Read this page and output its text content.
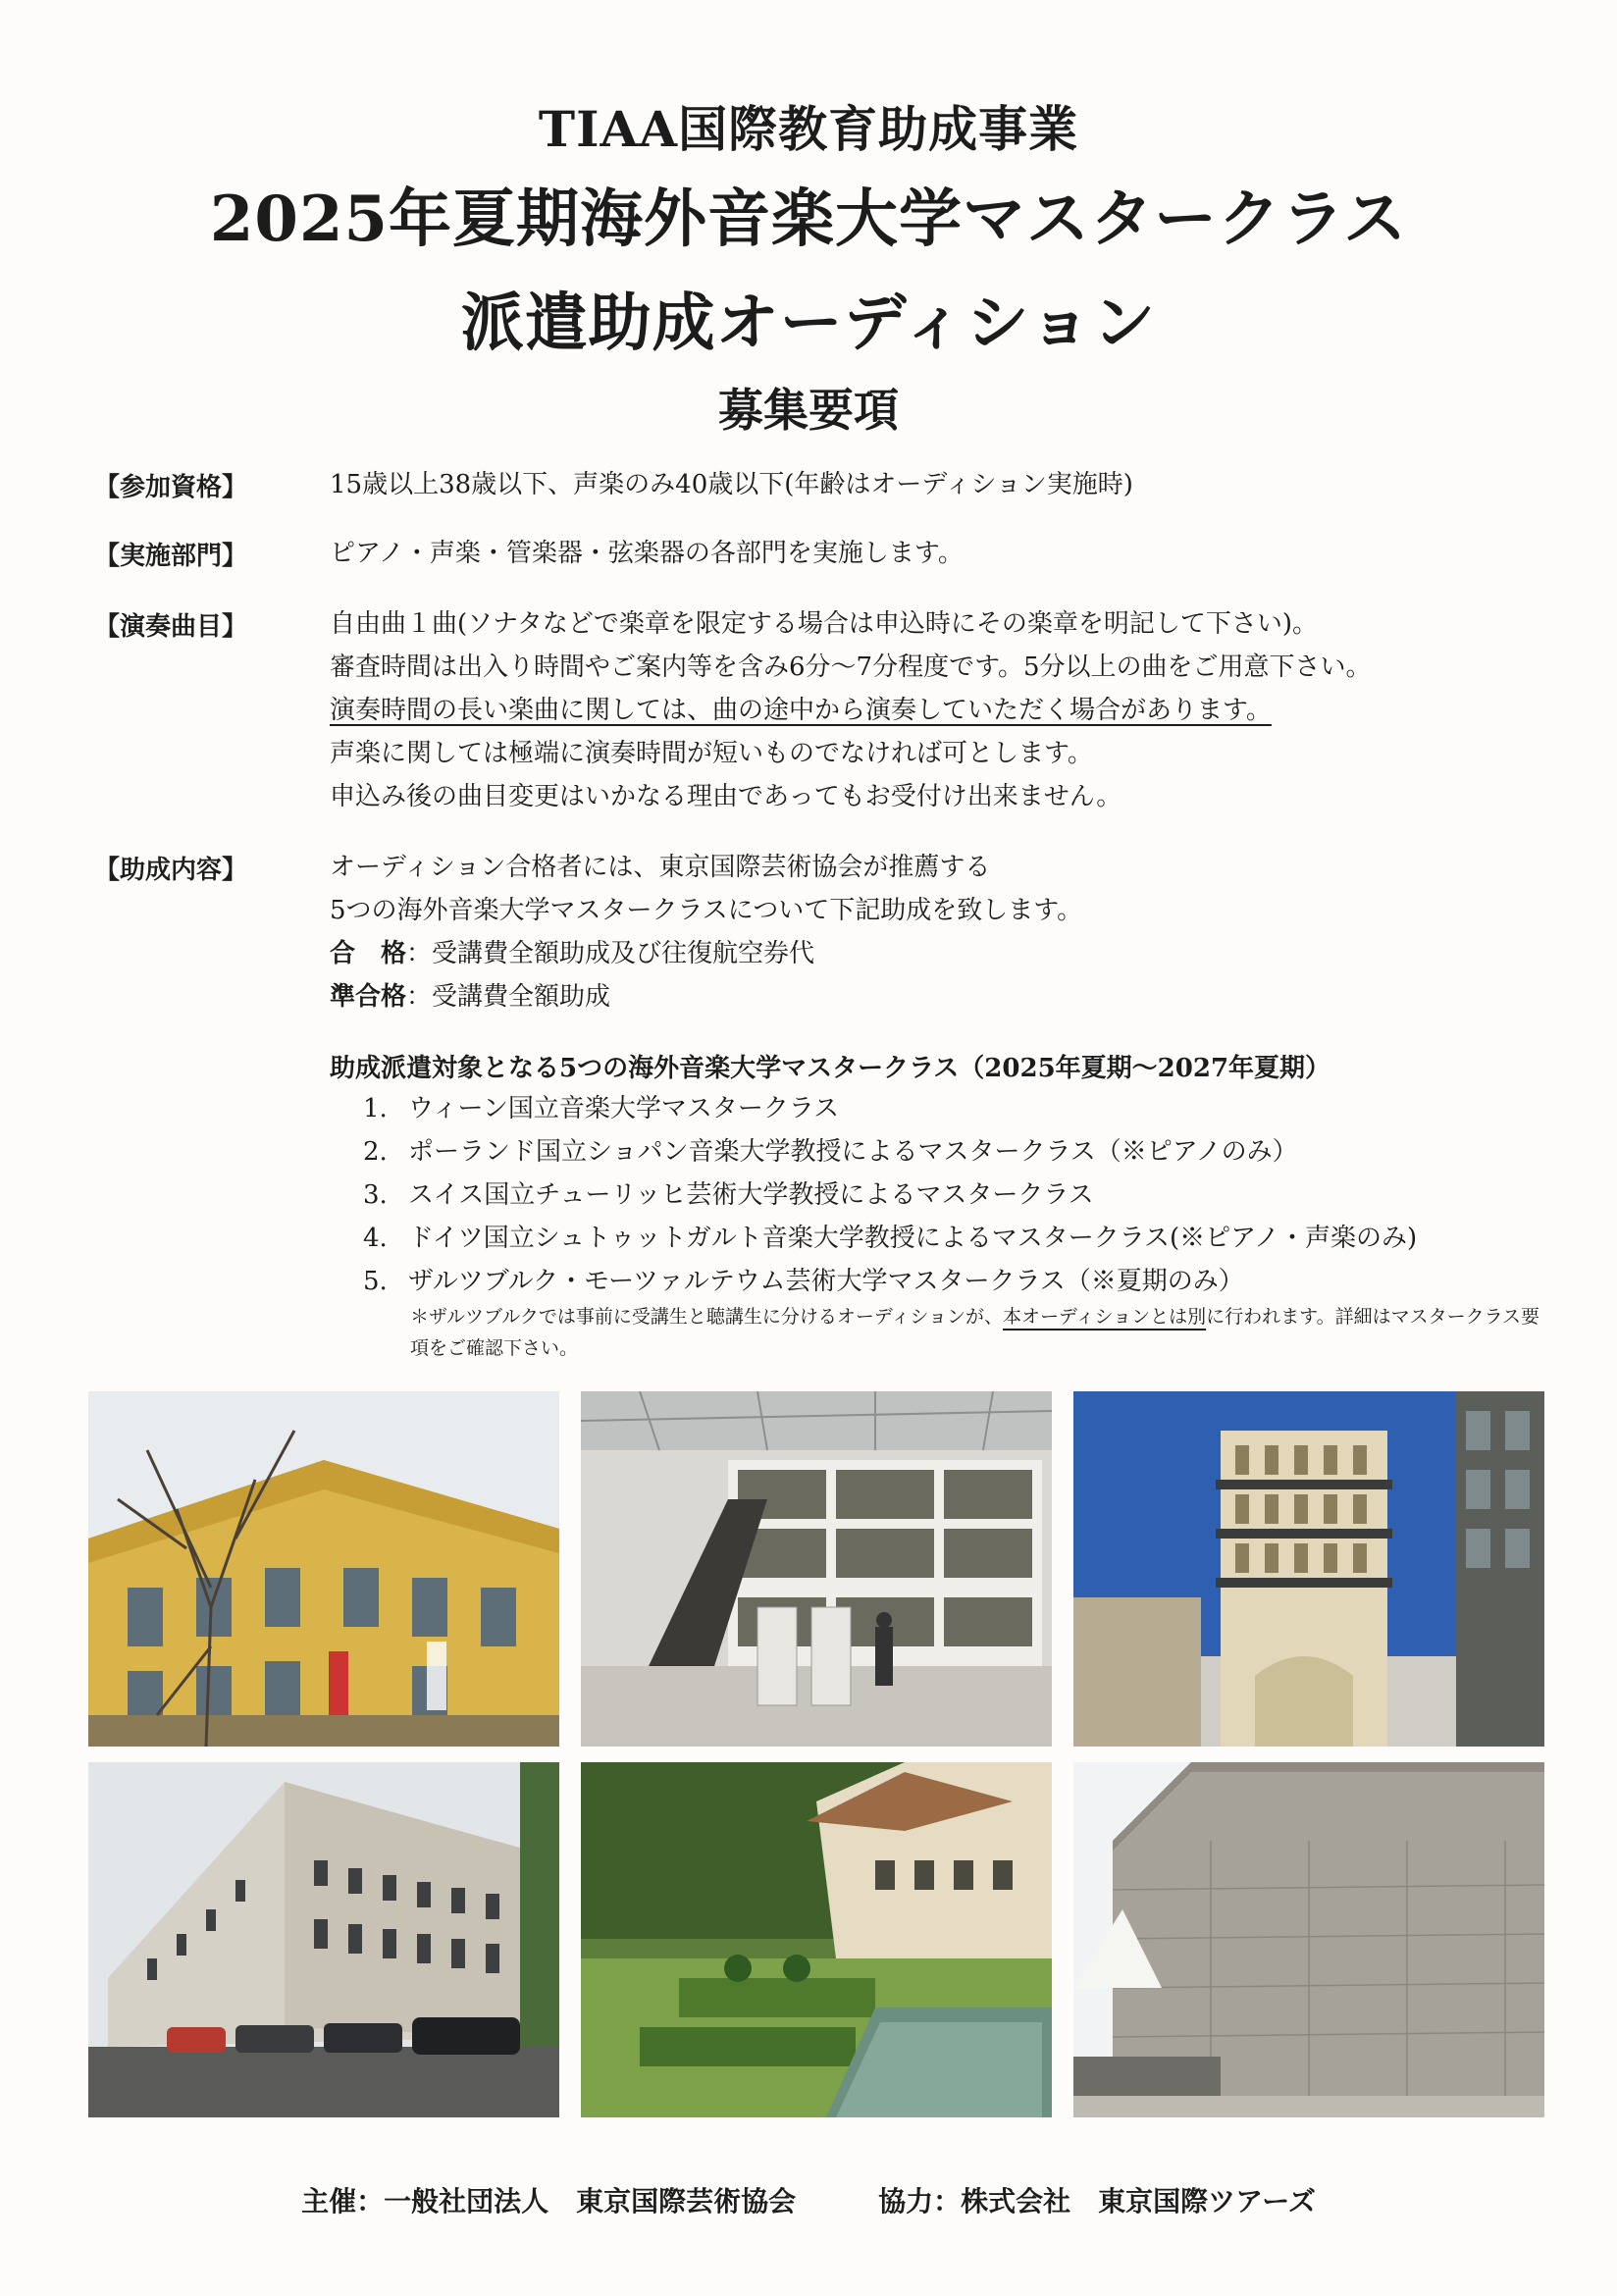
TIAA国際教育助成事業
2025年夏期海外音楽大学マスタークラス
派遣助成オーディション
募集要項
【参加資格】	15歳以上38歳以下、声楽のみ40歳以下(年齢はオーディション実施時)
【実施部門】	ピアノ・声楽・管楽器・弦楽器の各部門を実施します。
【演奏曲目】	自由曲１曲(ソナタなどで楽章を限定する場合は申込時にその楽章を明記して下さい)。
審査時間は出入り時間やご案内等を含み6分～7分程度です。5分以上の曲をご用意下さい。
演奏時間の長い楽曲に関しては、曲の途中から演奏していただく場合があります。
声楽に関しては極端に演奏時間が短いものでなければ可とします。
申込み後の曲目変更はいかなる理由であってもお受付け出来ません。
【助成内容】	オーディション合格者には、東京国際芸術協会が推薦する
5つの海外音楽大学マスタークラスについて下記助成を致します。
合　格：受講費全額助成及び往復航空券代
準合格：受講費全額助成
助成派遣対象となる5つの海外音楽大学マスタークラス（2025年夏期～2027年夏期）
1. ウィーン国立音楽大学マスタークラス
2. ポーランド国立ショパン音楽大学教授によるマスタークラス（※ピアノのみ）
3. スイス国立チューリッヒ芸術大学教授によるマスタークラス
4. ドイツ国立シュトゥットガルト音楽大学教授によるマスタークラス(※ピアノ・声楽のみ)
5. ザルツブルク・モーツァルテウム芸術大学マスタークラス（※夏期のみ）
＊ザルツブルクでは事前に受講生と聴講生に分けるオーディションが、本オーディションとは別に行われます。詳細はマスタークラス要項をご確認下さい。
主催：一般社団法人　東京国際芸術協会　　　	協力：株式会社　東京国際ツアーズ
